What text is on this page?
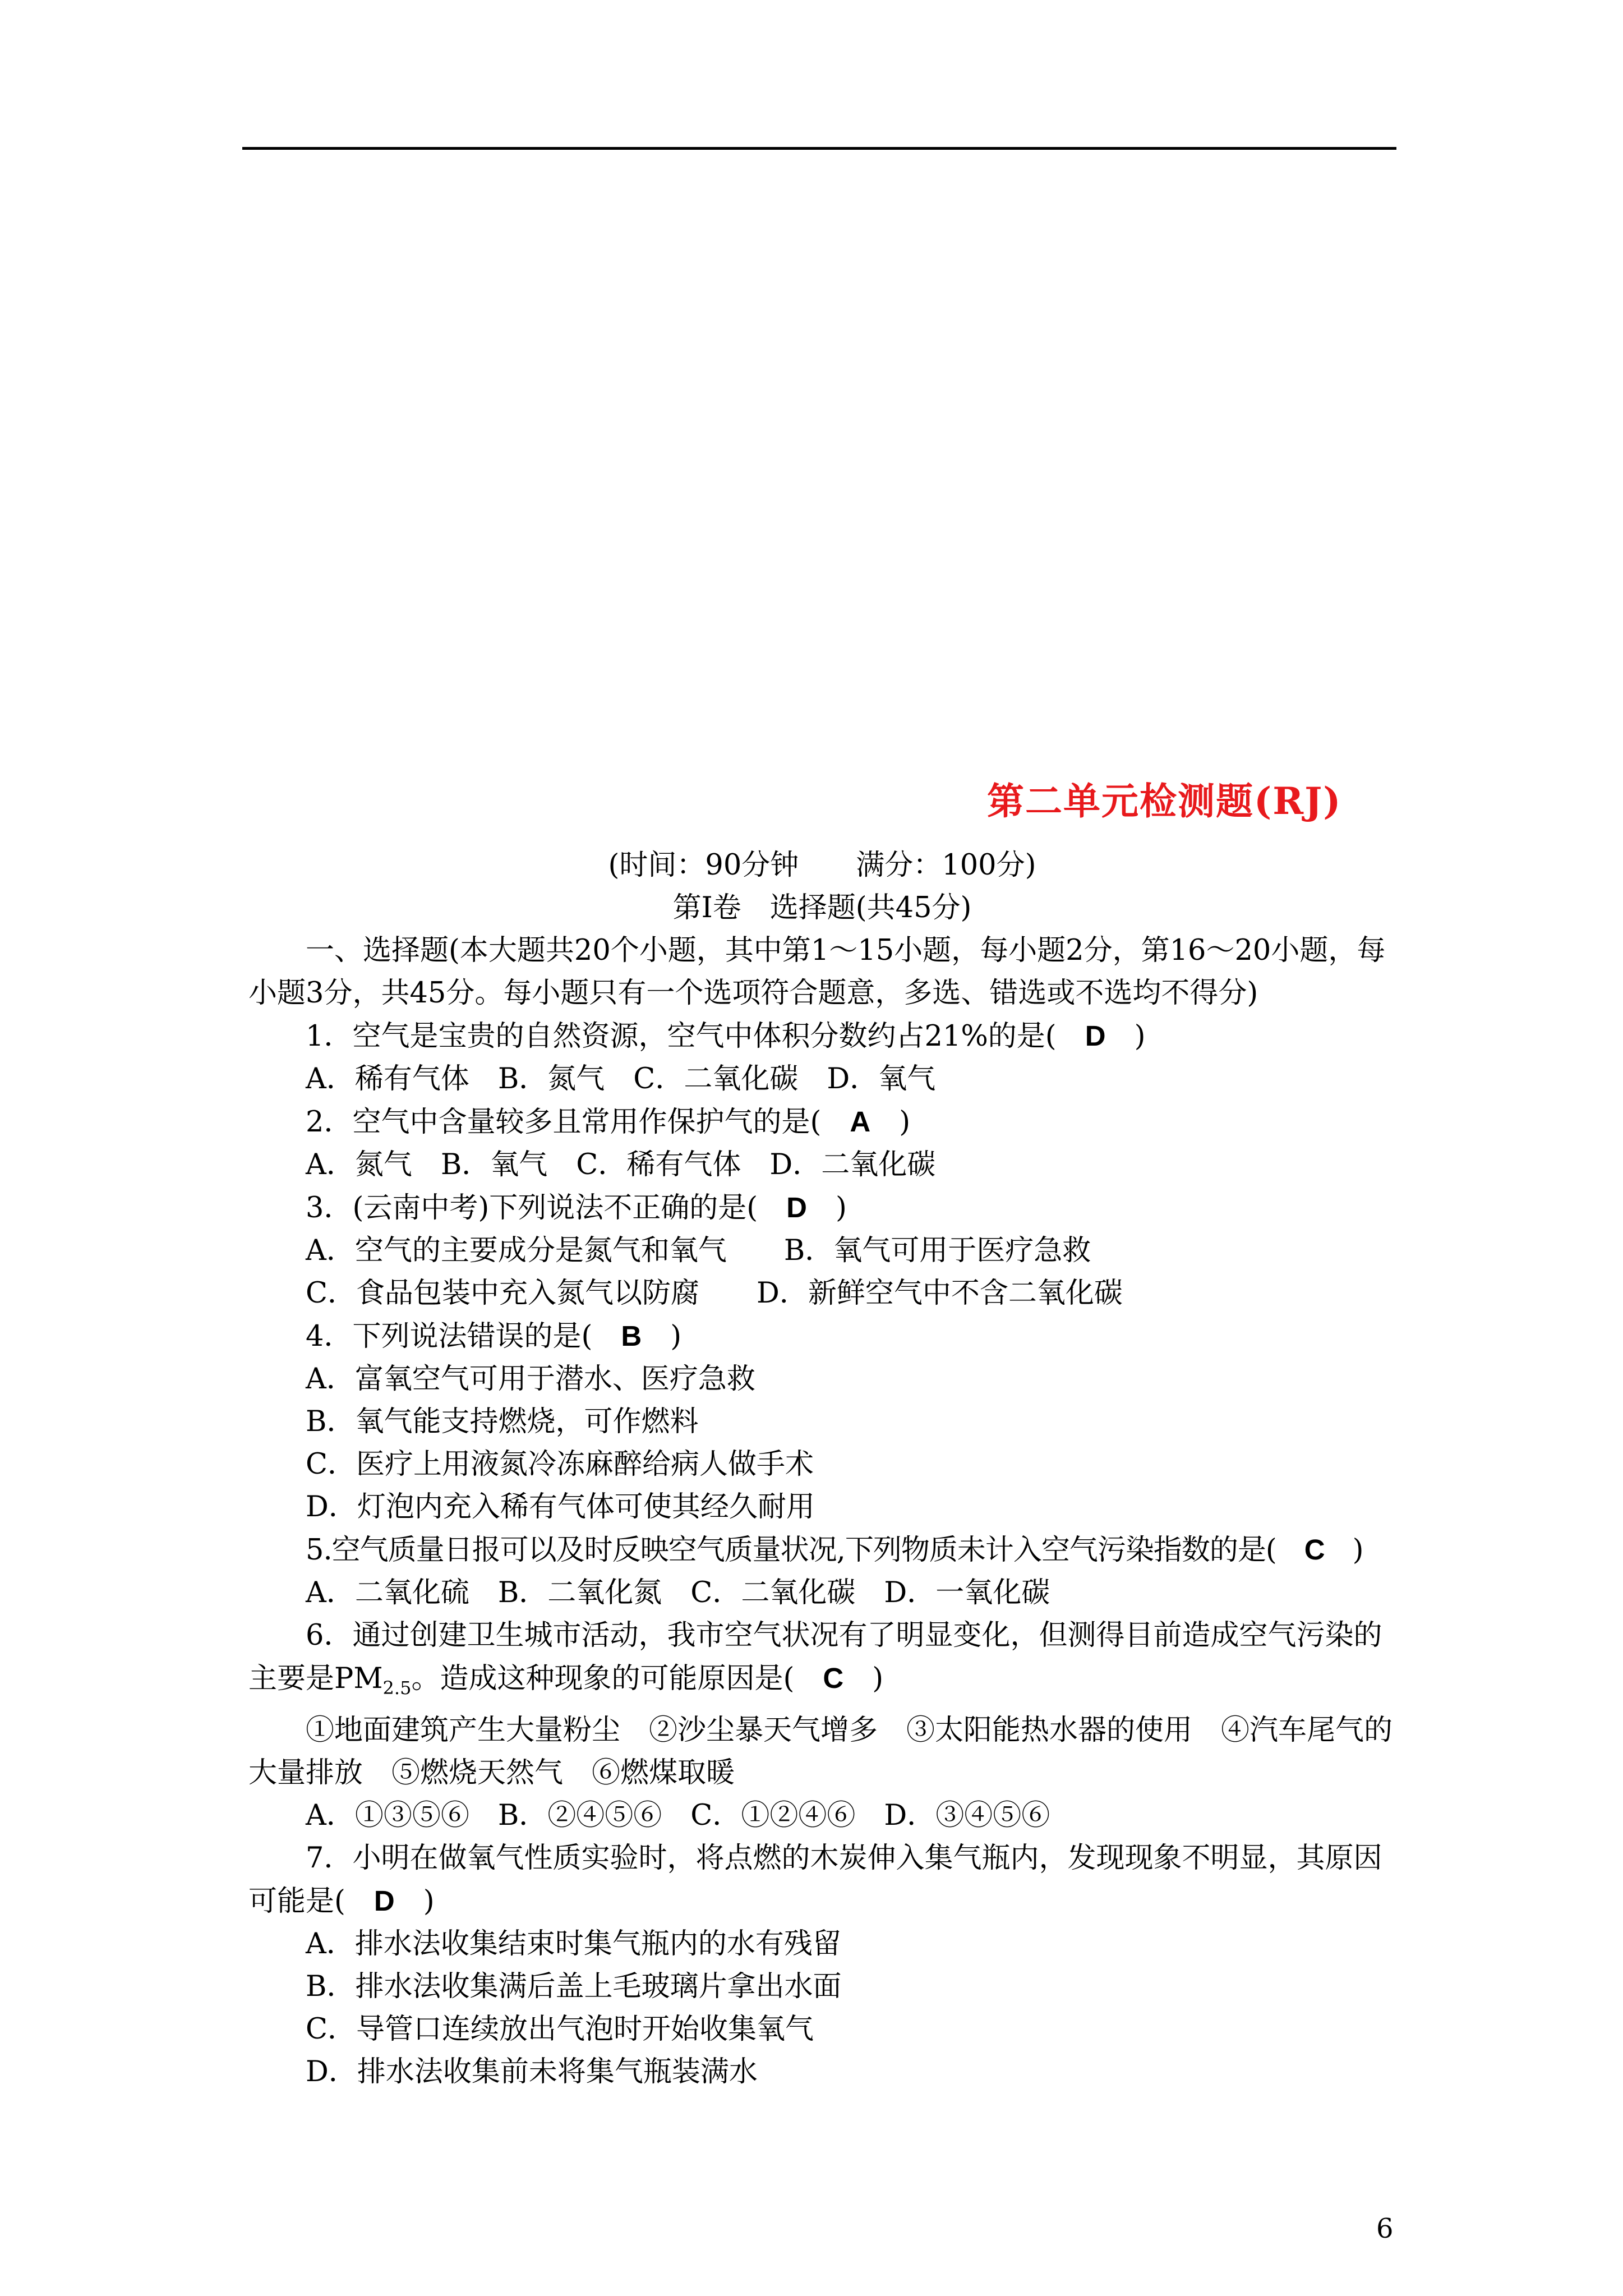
第二单元检测题(RJ)
(时间：90分钟　　满分：100分)
第Ⅰ卷　选择题(共45分)
一、选择题(本大题共20个小题，其中第1～15小题，每小题2分，第16～20小题，每小题3分，共45分。每小题只有一个选项符合题意，多选、错选或不选均不得分)
1．空气是宝贵的自然资源，空气中体积分数约占21%的是(　 D　 )
A．稀有气体　B．氮气　C．二氧化碳　D．氧气
2．空气中含量较多且常用作保护气的是(　 A　 )
A．氮气　B．氧气　C．稀有气体　D．二氧化碳
3．(云南中考)下列说法不正确的是(　 D　 )
A．空气的主要成分是氮气和氧气　　B．氧气可用于医疗急救
C．食品包装中充入氮气以防腐　　D．新鲜空气中不含二氧化碳
4．下列说法错误的是(　 B　 )
A．富氧空气可用于潜水、医疗急救
B．氧气能支持燃烧，可作燃料
C．医疗上用液氮冷冻麻醉给病人做手术
D．灯泡内充入稀有气体可使其经久耐用
5.空气质量日报可以及时反映空气质量状况,下列物质未计入空气污染指数的是(　 C　 )
A．二氧化硫　B．二氧化氮　C．二氧化碳　D．一氧化碳
6．通过创建卫生城市活动，我市空气状况有了明显变化，但测得目前造成空气污染的主要是$PM_{2.5}$。造成这种现象的可能原因是(　 C　 )
①地面建筑产生大量粉尘　②沙尘暴天气增多　③太阳能热水器的使用　④汽车尾气的大量排放　⑤燃烧天然气　⑥燃煤取暖
A．①③⑤⑥　B．②④⑤⑥　C．①②④⑥　D．③④⑤⑥
7．小明在做氧气性质实验时，将点燃的木炭伸入集气瓶内，发现现象不明显，其原因可能是(　 D　 )
A．排水法收集结束时集气瓶内的水有残留
B．排水法收集满后盖上毛玻璃片拿出水面
C．导管口连续放出气泡时开始收集氧气
D．排水法收集前未将集气瓶装满水
6
